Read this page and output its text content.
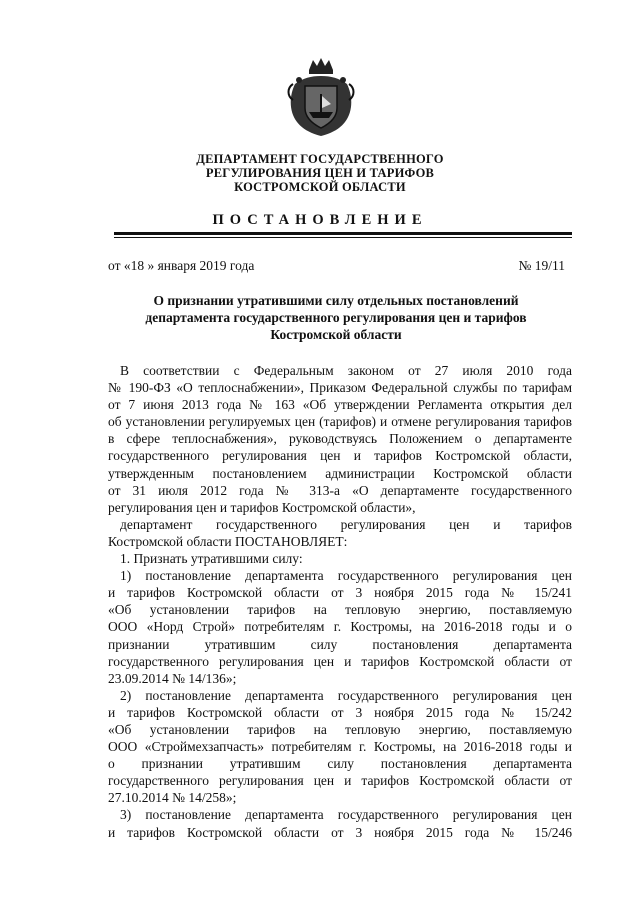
ДЕПАРТАМЕНТ ГОСУДАРСТВЕННОГО
РЕГУЛИРОВАНИЯ ЦЕН И ТАРИФОВ
КОСТРОМСКОЙ ОБЛАСТИ
ПОСТАНОВЛЕНИЕ
от «18 » января 2019 года	№ 19/11
О признании утратившими силу отдельных постановлений
департамента государственного регулирования цен и тарифов
Костромской области
В соответствии с Федеральным законом от 27 июля 2010 года
№ 190-ФЗ «О теплоснабжении», Приказом Федеральной службы по тарифам
от 7 июня 2013 года № 163 «Об утверждении Регламента открытия дел
об установлении регулируемых цен (тарифов) и отмене регулирования тарифов
в сфере теплоснабжения», руководствуясь Положением о департаменте
государственного регулирования цен и тарифов Костромской области,
утвержденным постановлением администрации Костромской области
от 31 июля 2012 года № 313-а «О департаменте государственного
регулирования цен и тарифов Костромской области»,
департамент государственного регулирования цен и тарифов
Костромской области ПОСТАНОВЛЯЕТ:
1. Признать утратившими силу:
1) постановление департамента государственного регулирования цен
и тарифов Костромской области от 3 ноября 2015 года № 15/241
«Об установлении тарифов на тепловую энергию, поставляемую
ООО «Норд Строй» потребителям г. Костромы, на 2016-2018 годы и о
признании утратившим силу постановления департамента
государственного регулирования цен и тарифов Костромской области от
23.09.2014 № 14/136»;
2) постановление департамента государственного регулирования цен
и тарифов Костромской области от 3 ноября 2015 года № 15/242
«Об установлении тарифов на тепловую энергию, поставляемую
ООО «Строймехзапчасть» потребителям г. Костромы, на 2016-2018 годы и
о признании утратившим силу постановления департамента
государственного регулирования цен и тарифов Костромской области от
27.10.2014 № 14/258»;
3) постановление департамента государственного регулирования цен
и тарифов Костромской области от 3 ноября 2015 года № 15/246
